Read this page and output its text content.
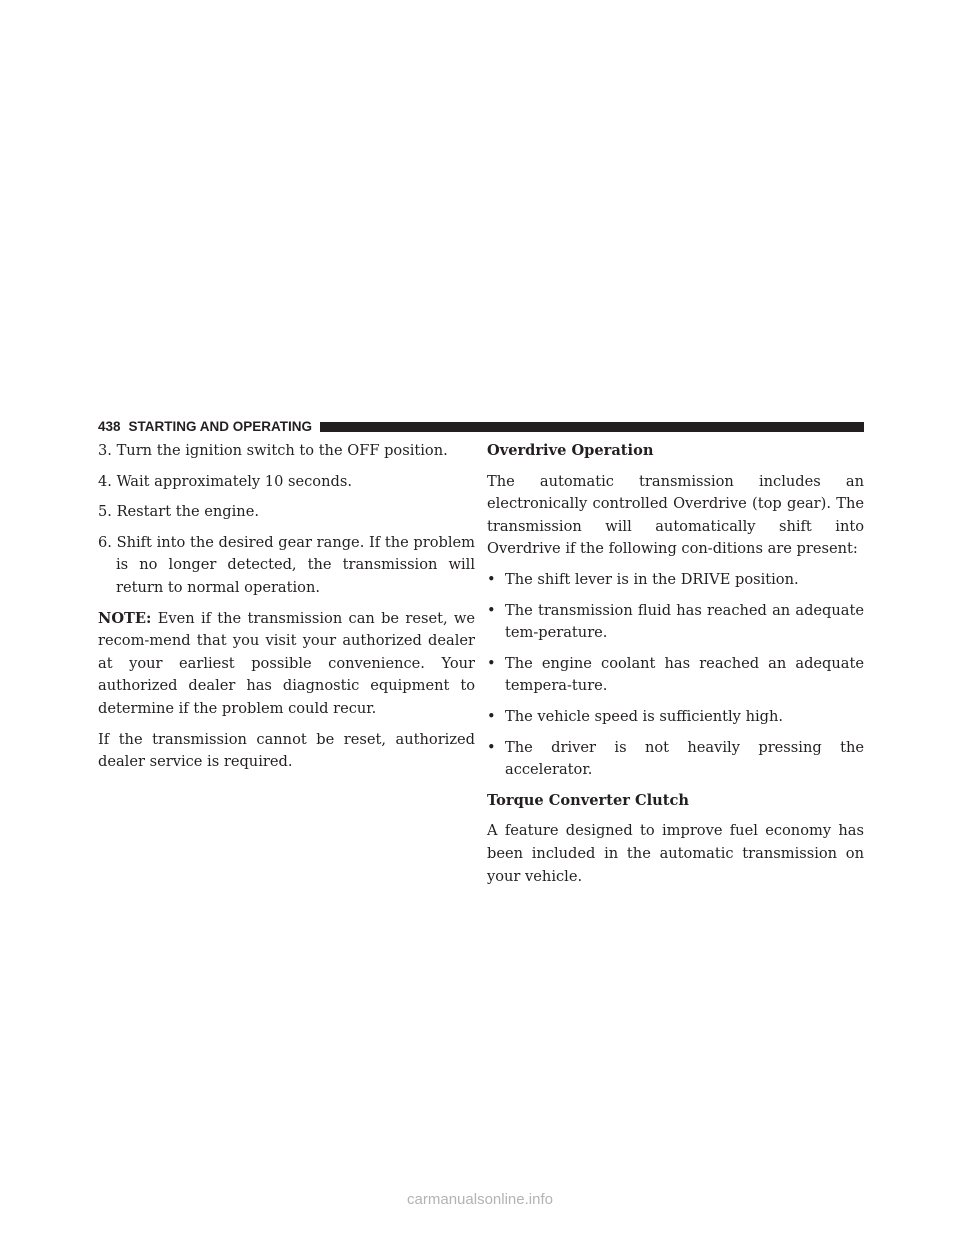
438 STARTING AND OPERATING

3. Turn the ignition switch to the OFF position.

4. Wait approximately 10 seconds.

5. Restart the engine.

6. Shift into the desired gear range. If the problem is no longer detected, the transmission will return to normal operation.

NOTE: Even if the transmission can be reset, we recom-mend that you visit your authorized dealer at your earliest possible convenience. Your authorized dealer has diagnostic equipment to determine if the problem could recur.

If the transmission cannot be reset, authorized dealer service is required.

Overdrive Operation

The automatic transmission includes an electronically controlled Overdrive (top gear). The transmission will automatically shift into Overdrive if the following con-ditions are present:

• The shift lever is in the DRIVE position.
• The transmission fluid has reached an adequate tem-perature.
• The engine coolant has reached an adequate tempera-ture.
• The vehicle speed is sufficiently high.
• The driver is not heavily pressing the accelerator.
Torque Converter Clutch

A feature designed to improve fuel economy has been included in the automatic transmission on your vehicle.

carmanualsonline.info
